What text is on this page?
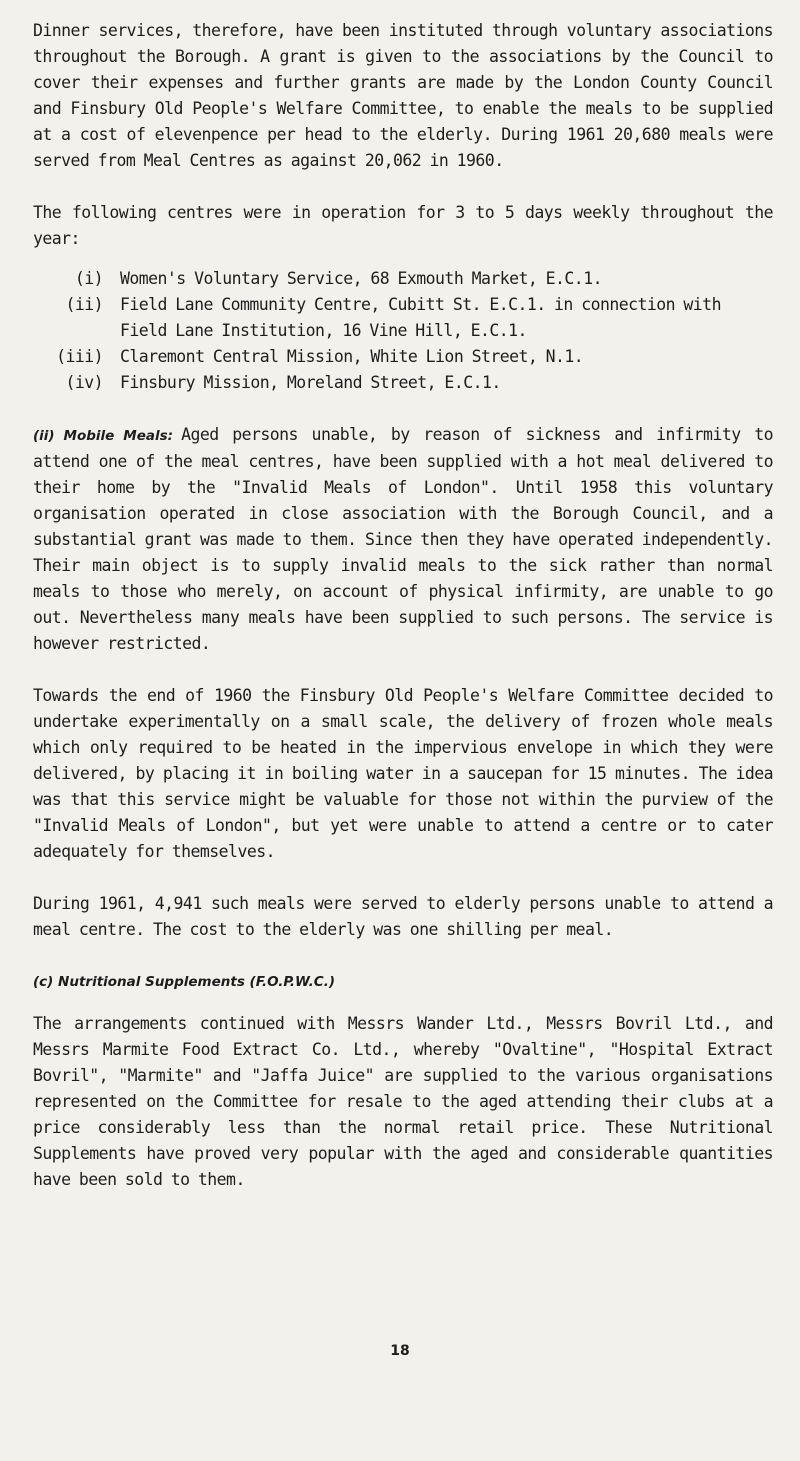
Dinner services, therefore, have been instituted through voluntary associations throughout the Borough. A grant is given to the associations by the Council to cover their expenses and further grants are made by the London County Council and Finsbury Old People's Welfare Committee, to enable the meals to be supplied at a cost of elevenpence per head to the elderly. During 1961 20,680 meals were served from Meal Centres as against 20,062 in 1960.

The following centres were in operation for 3 to 5 days weekly throughout the year:

(i) Women's Voluntary Service, 68 Exmouth Market, E.C.1.
(ii) Field Lane Community Centre, Cubitt St. E.C.1. in connection with Field Lane Institution, 16 Vine Hill, E.C.1.
(iii) Claremont Central Mission, White Lion Street, N.1.
(iv) Finsbury Mission, Moreland Street, E.C.1.

(ii) Mobile Meals: Aged persons unable, by reason of sickness and infirmity to attend one of the meal centres, have been supplied with a hot meal delivered to their home by the "Invalid Meals of London". Until 1958 this voluntary organisation operated in close association with the Borough Council, and a substantial grant was made to them. Since then they have operated independently. Their main object is to supply invalid meals to the sick rather than normal meals to those who merely, on account of physical infirmity, are unable to go out. Nevertheless many meals have been supplied to such persons. The service is however restricted.

Towards the end of 1960 the Finsbury Old People's Welfare Committee decided to undertake experimentally on a small scale, the delivery of frozen whole meals which only required to be heated in the impervious envelope in which they were delivered, by placing it in boiling water in a saucepan for 15 minutes. The idea was that this service might be valuable for those not within the purview of the "Invalid Meals of London", but yet were unable to attend a centre or to cater adequately for themselves.

During 1961, 4,941 such meals were served to elderly persons unable to attend a meal centre. The cost to the elderly was one shilling per meal.

(c) Nutritional Supplements (F.O.P.W.C.)

The arrangements continued with Messrs Wander Ltd., Messrs Bovril Ltd., and Messrs Marmite Food Extract Co. Ltd., whereby "Ovaltine", "Hospital Extract Bovril", "Marmite" and "Jaffa Juice" are supplied to the various organisations represented on the Committee for resale to the aged attending their clubs at a price considerably less than the normal retail price. These Nutritional Supplements have proved very popular with the aged and considerable quantities have been sold to them.

18
